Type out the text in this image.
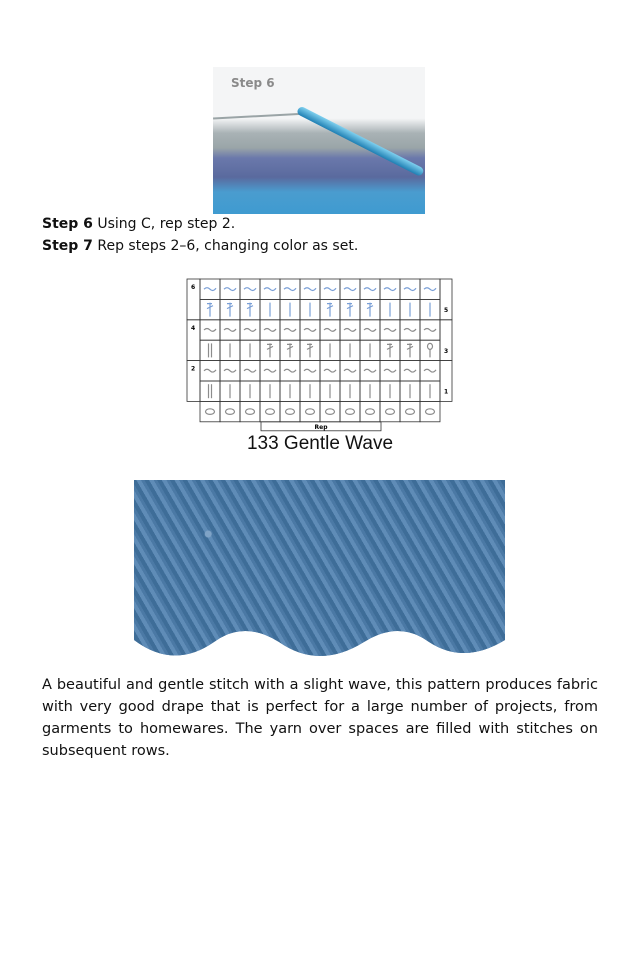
Step 6
Step 6 Using C, rep step 2.
Step 7 Rep steps 2–6, changing color as set.
6
5
4
3
2
1
Rep
133 Gentle Wave
A beautiful and gentle stitch with a slight wave, this pattern produces fabric with very good drape that is perfect for a large number of projects, from garments to homewares. The yarn over spaces are filled with stitches on subsequent rows.
